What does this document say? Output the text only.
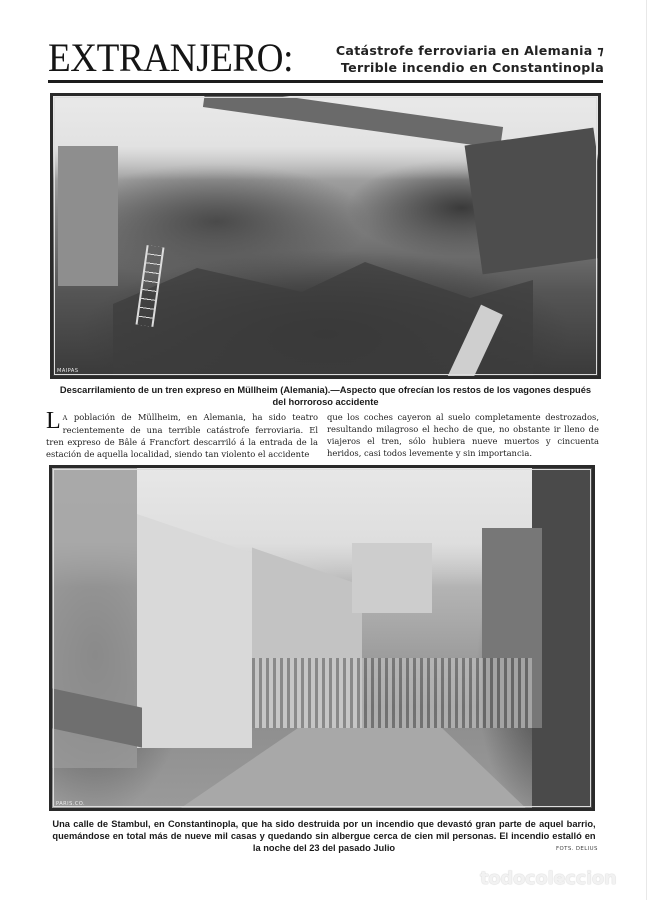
EXTRANJERO:	Catástrofe ferroviaria en Alemania ⁊
Terrible incendio en Constantinopla
MAIPAS
Descarrilamiento de un tren expreso en Müllheim (Alemania).—Aspecto que ofrecían los restos de los vagones después del horroroso accidente
L A población de Müllheim, en Alemania, ha sido teatro recientemente de una terrible catástrofe ferroviaria. El tren expreso de Bâle á Francfort descarriló á la entrada de la estación de aquella localidad, siendo tan violento el accidente
que los coches cayeron al suelo completamente destrozados, resultando milagroso el hecho de que, no obstante ir lleno de viajeros el tren, sólo hubiera nueve muertos y cincuenta heridos, casi todos levemente y sin importancia.
PARIS.CO.
Una calle de Stambul, en Constantinopla, que ha sido destruida por un incendio que devastó gran parte de aquel barrio, quemándose en total más de nueve mil casas y quedando sin albergue cerca de cien mil personas. El incendio estalló en la noche del 23 del pasado Julio	FOTS. DELIUS
todocoleccion
